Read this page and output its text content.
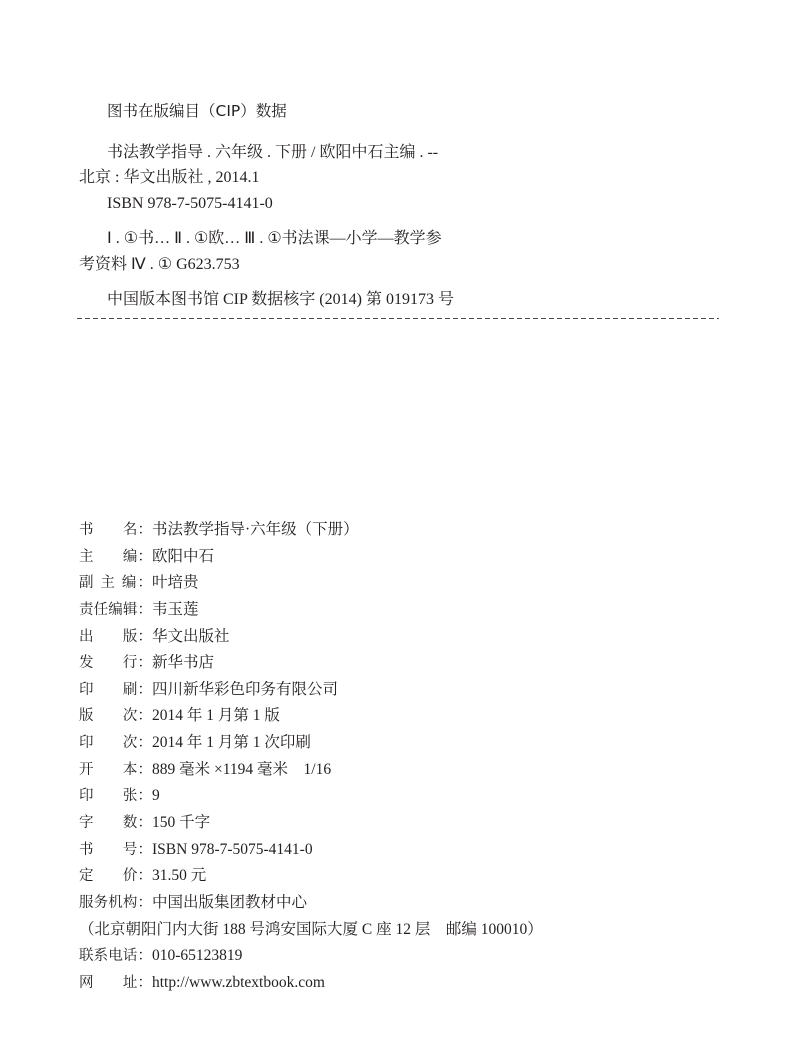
图书在版编目（CIP）数据
书法教学指导 . 六年级 . 下册 / 欧阳中石主编 . --
北京 : 华文出版社 , 2014.1
ISBN 978-7-5075-4141-0
Ⅰ . ①书… Ⅱ . ①欧… Ⅲ . ①书法课—小学—教学参
考资料 Ⅳ . ① G623.753
中国版本图书馆 CIP 数据核字 (2014) 第 019173 号
书　　名：书法教学指导·六年级（下册）
主　　编：欧阳中石
副 主 编：叶培贵
责任编辑：韦玉莲
出　　版：华文出版社
发　　行：新华书店
印　　刷：四川新华彩色印务有限公司
版　　次：2014 年 1 月第 1 版
印　　次：2014 年 1 月第 1 次印刷
开　　本：889 毫米 ×1194 毫米　1/16
印　　张：9
字　　数：150 千字
书　　号：ISBN 978-7-5075-4141-0
定　　价：31.50 元
服务机构：中国出版集团教材中心
（北京朝阳门内大街 188 号鸿安国际大厦 C 座 12 层　邮编 100010）
联系电话：010-65123819
网　　址：http://www.zbtextbook.com
